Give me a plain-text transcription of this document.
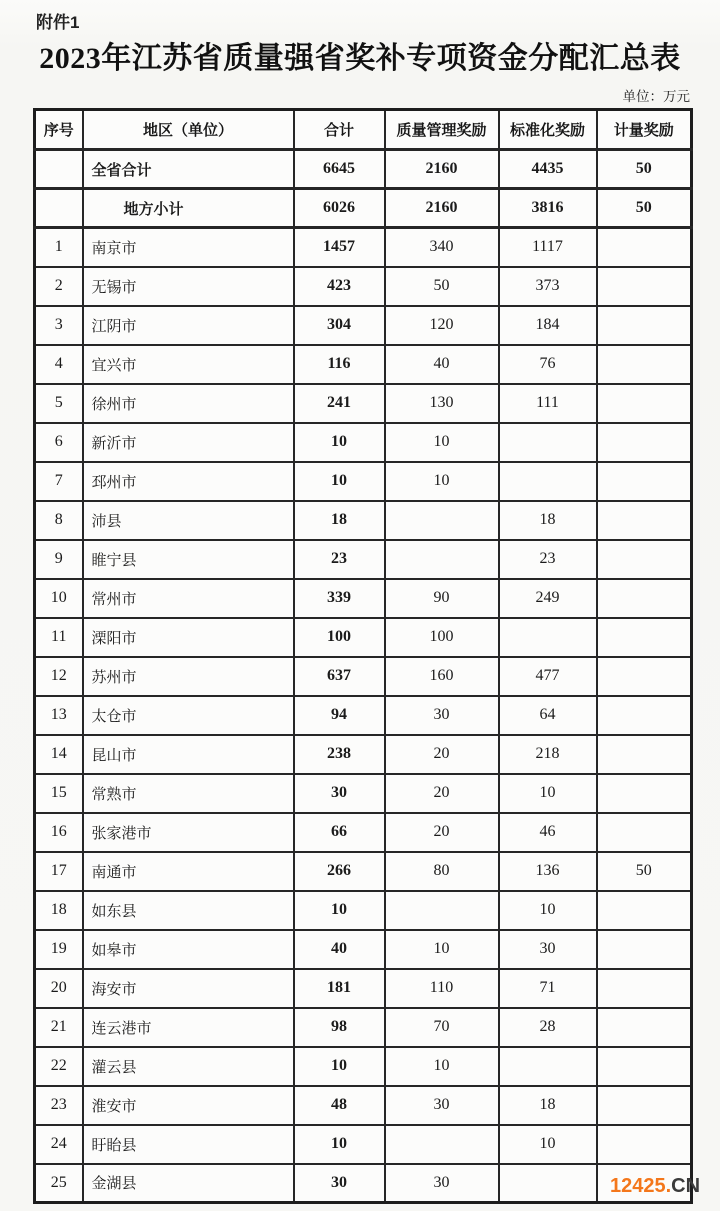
附件1
2023年江苏省质量强省奖补专项资金分配汇总表
单位：万元
序号	地区（单位）	合计	质量管理奖励	标准化奖励	计量奖励
	全省合计	6645	2160	4435	50
	地方小计	6026	2160	3816	50
1	南京市	1457	340	1117	
2	无锡市	423	50	373	
3	江阴市	304	120	184	
4	宜兴市	116	40	76	
5	徐州市	241	130	111	
6	新沂市	10	10		
7	邳州市	10	10		
8	沛县	18		18	
9	睢宁县	23		23	
10	常州市	339	90	249	
11	溧阳市	100	100		
12	苏州市	637	160	477	
13	太仓市	94	30	64	
14	昆山市	238	20	218	
15	常熟市	30	20	10	
16	张家港市	66	20	46	
17	南通市	266	80	136	50
18	如东县	10		10	
19	如皋市	40	10	30	
20	海安市	181	110	71	
21	连云港市	98	70	28	
22	灌云县	10	10		
23	淮安市	48	30	18	
24	盱眙县	10		10	
25	金湖县	30	30			12425.CN
